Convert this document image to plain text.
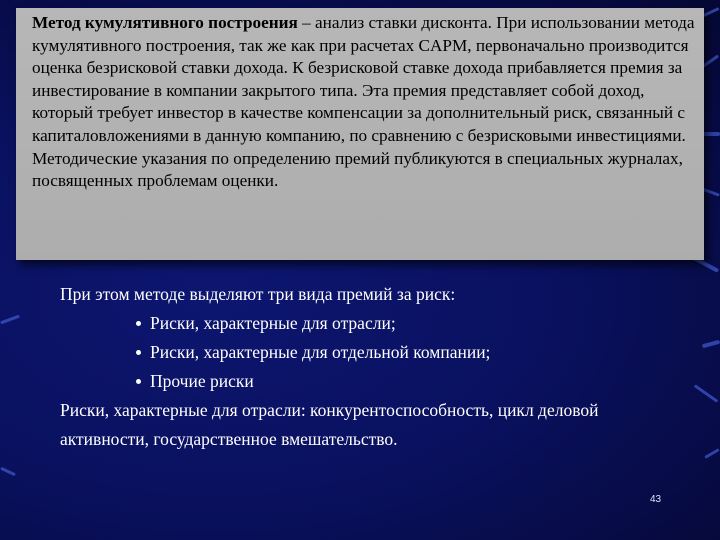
Метод кумулятивного построения – анализ ставки дисконта. При использовании метода кумулятивного построения, так же как при расчетах CAPM, первоначально производится оценка безрисковой ставки дохода. К безрисковой ставке дохода прибавляется премия за инвестирование в компании закрытого типа. Эта премия представляет собой доход, который требует инвестор в качестве компенсации за дополнительный риск, связанный с капиталовложениями в данную компанию, по сравнению с безрисковыми инвестициями. Методические указания по определению премий публикуются в специальных журналах, посвященных проблемам оценки.

При этом методе выделяют три вида премий за риск:

Риски, характерные для отрасли;
Риски, характерные для отдельной компании;
Прочие риски

Риски, характерные для отрасли: конкурентоспособность, цикл деловой активности, государственное вмешательство.

43
